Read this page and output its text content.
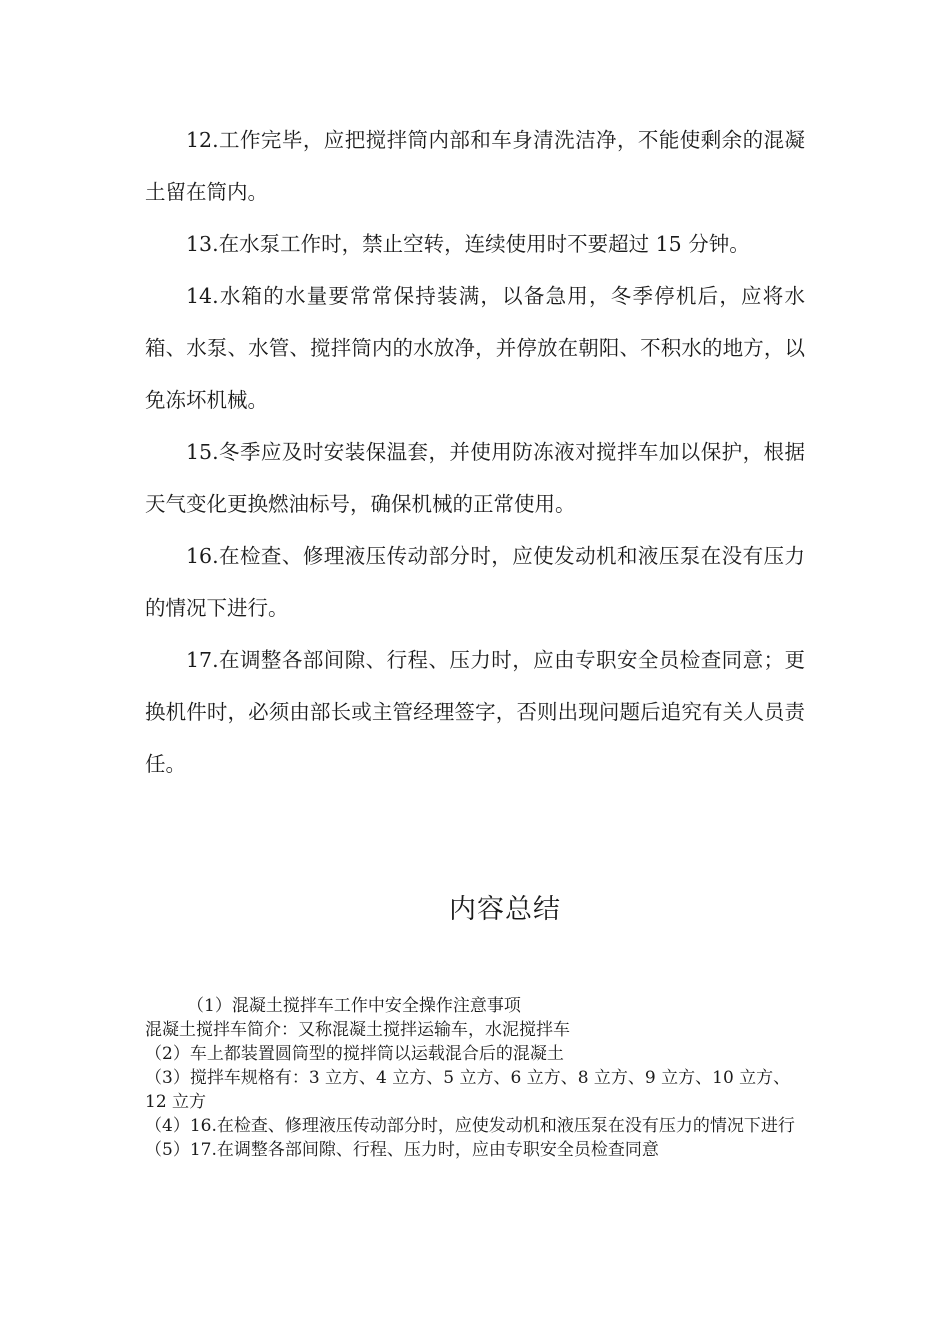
12.工作完毕，应把搅拌筒内部和车身清洗洁净，不能使剩余的混凝土留在筒内。

13.在水泵工作时，禁止空转，连续使用时不要超过 15 分钟。

14.水箱的水量要常常保持装满，以备急用，冬季停机后，应将水箱、水泵、水管、搅拌筒内的水放净，并停放在朝阳、不积水的地方，以免冻坏机械。

15.冬季应及时安装保温套，并使用防冻液对搅拌车加以保护，根据天气变化更换燃油标号，确保机械的正常使用。

16.在检查、修理液压传动部分时，应使发动机和液压泵在没有压力的情况下进行。

17.在调整各部间隙、行程、压力时，应由专职安全员检查同意；更换机件时，必须由部长或主管经理签字，否则出现问题后追究有关人员责任。

内容总结

（1）混凝土搅拌车工作中安全操作注意事项

混凝土搅拌车简介：又称混凝土搅拌运输车，水泥搅拌车

（2）车上都装置圆筒型的搅拌筒以运载混合后的混凝土

（3）搅拌车规格有：3 立方、4 立方、5 立方、6 立方、8 立方、9 立方、10 立方、12 立方

（4）16.在检查、修理液压传动部分时，应使发动机和液压泵在没有压力的情况下进行

（5）17.在调整各部间隙、行程、压力时，应由专职安全员检查同意
